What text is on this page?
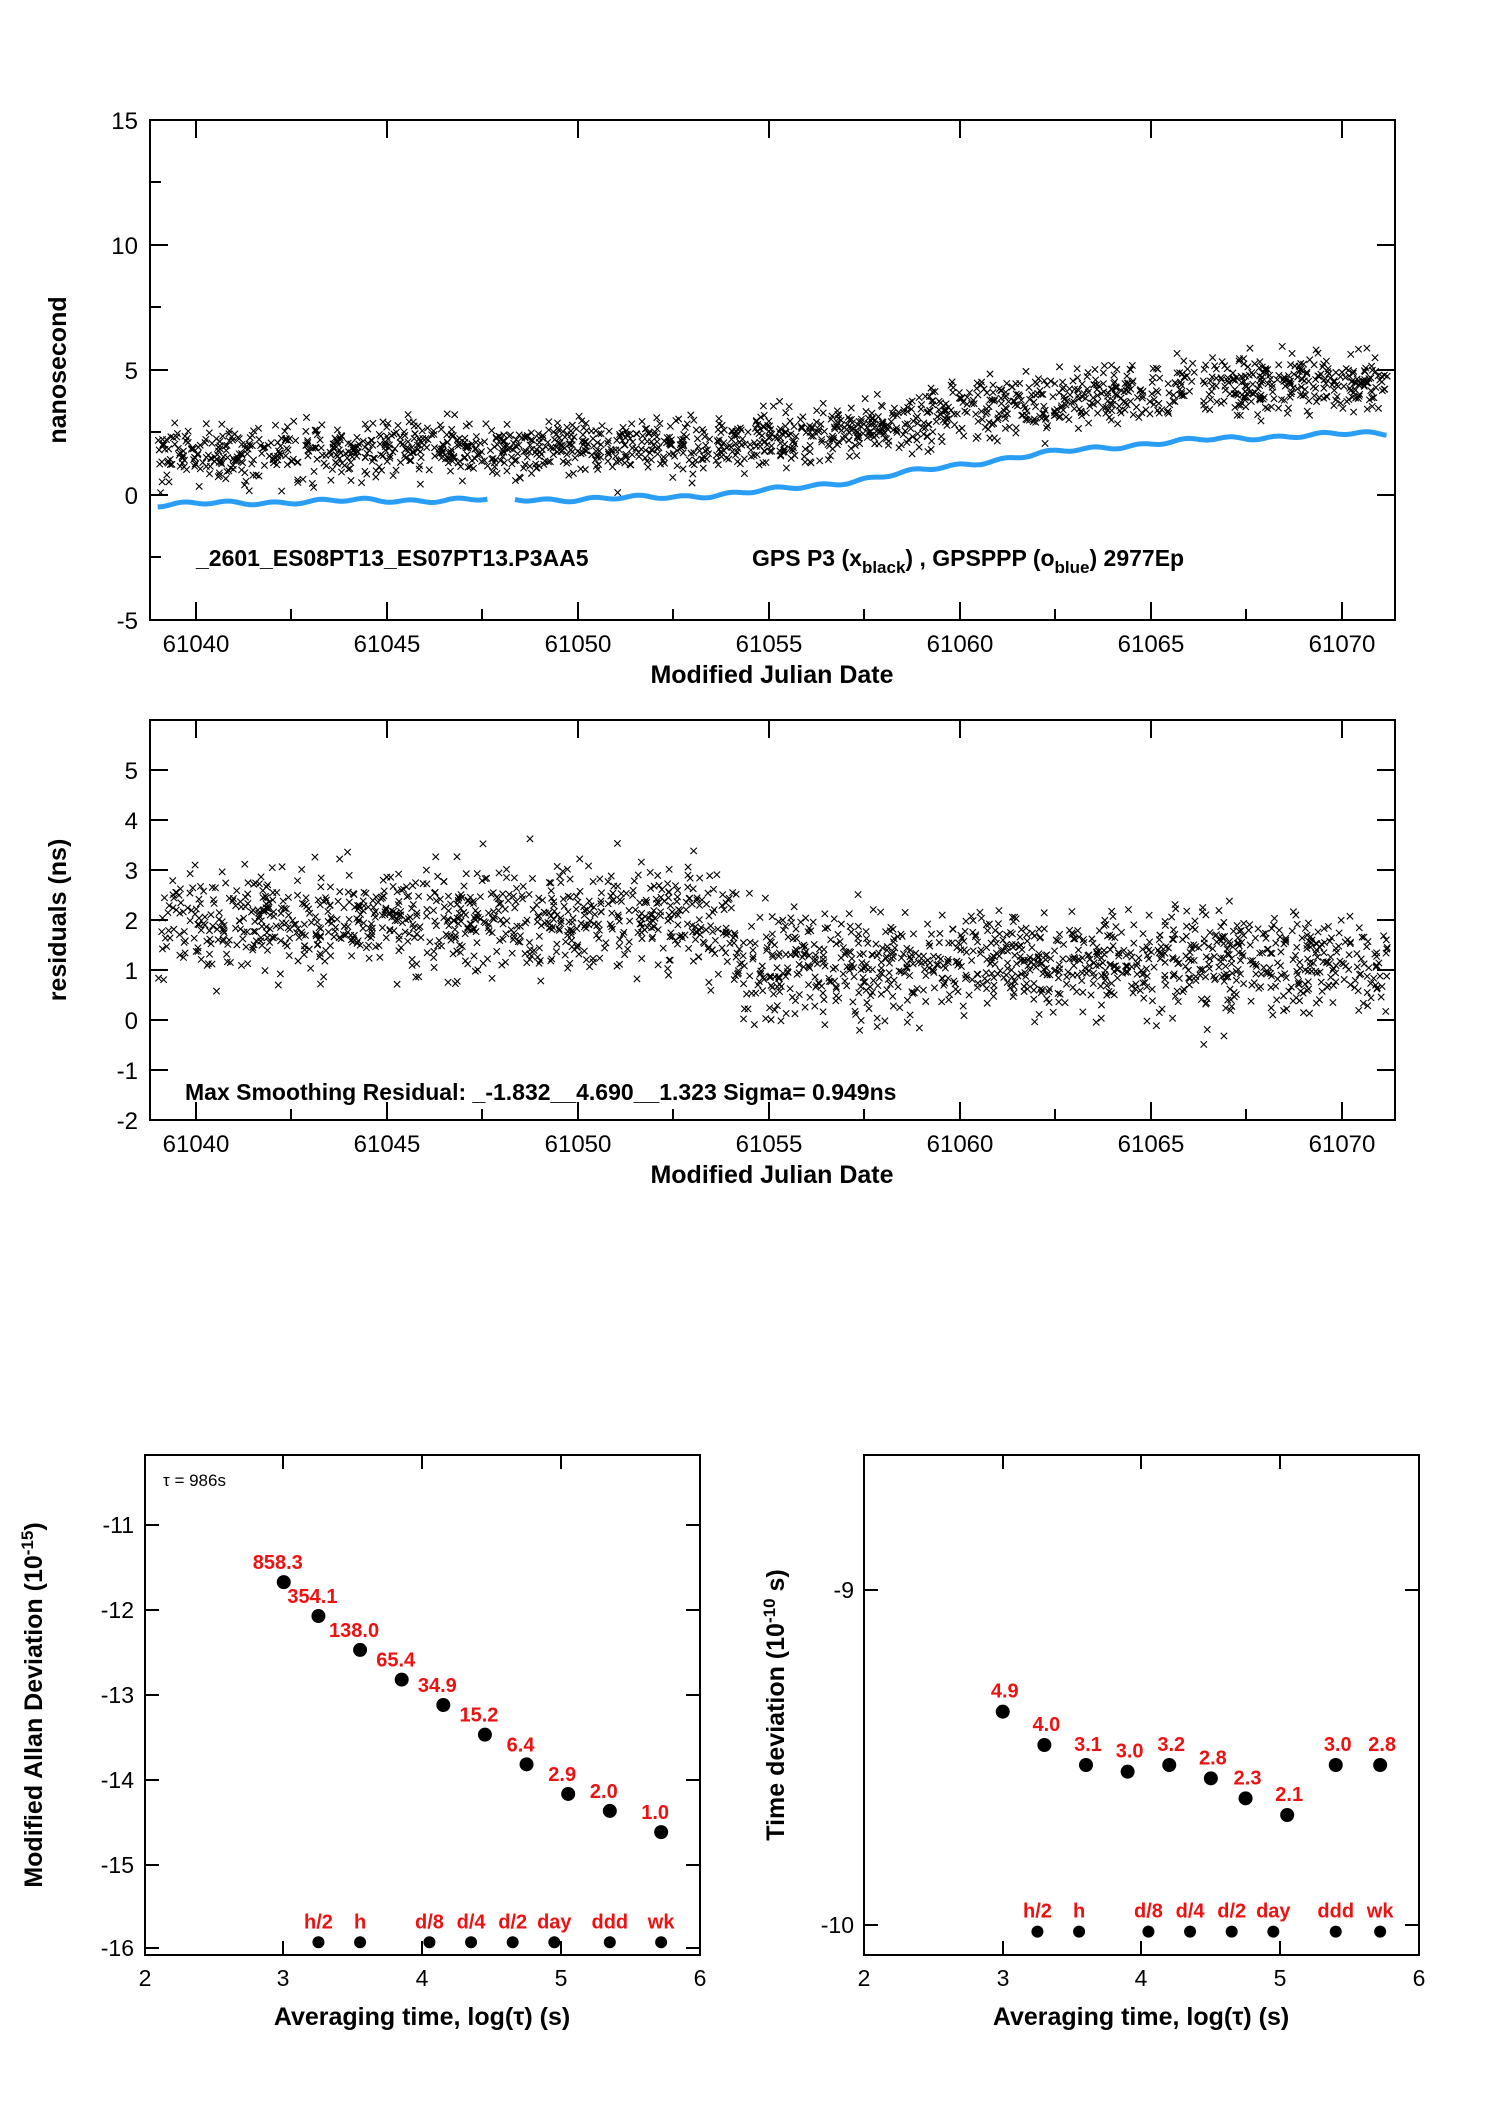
-5
0
5
10
15
61040	61045	61050	61055	61060	61065	61070
Modified Julian Date
nanosecond
_2601_ES08PT13_ES07PT13.P3AA5	GPS P3 $(x_{black})$ , GPSPPP $(o_{blue})$ 2977Ep
-2
-1
0
1
2
3
4
5
61040	61045	61050	61055	61060	61065	61070
Modified Julian Date
residuals (ns)
Max Smoothing Residual: _-1.832__4.690__1.323 Sigma= 0.949ns
-11
-12
-13
-14
-15
-16
2	3	4	5	6
Averaging time, log(τ) (s)
Modified Allan Deviation $(10^{-15})$
τ = 986s
858.3
354.1
138.0
65.4
34.9
15.2
6.4
2.9
2.0
1.0
h/2 h d/8 d/4 d/2 day ddd wk
-9
-10
2	3	4	5	6
Averaging time, log(τ) (s)
Time deviation ($10^{-10}$ s)
4.9
4.0
3.1 3.0 3.2
2.8
2.3
2.1
3.0 2.8
h/2 h d/8 d/4 d/2 day ddd wk
